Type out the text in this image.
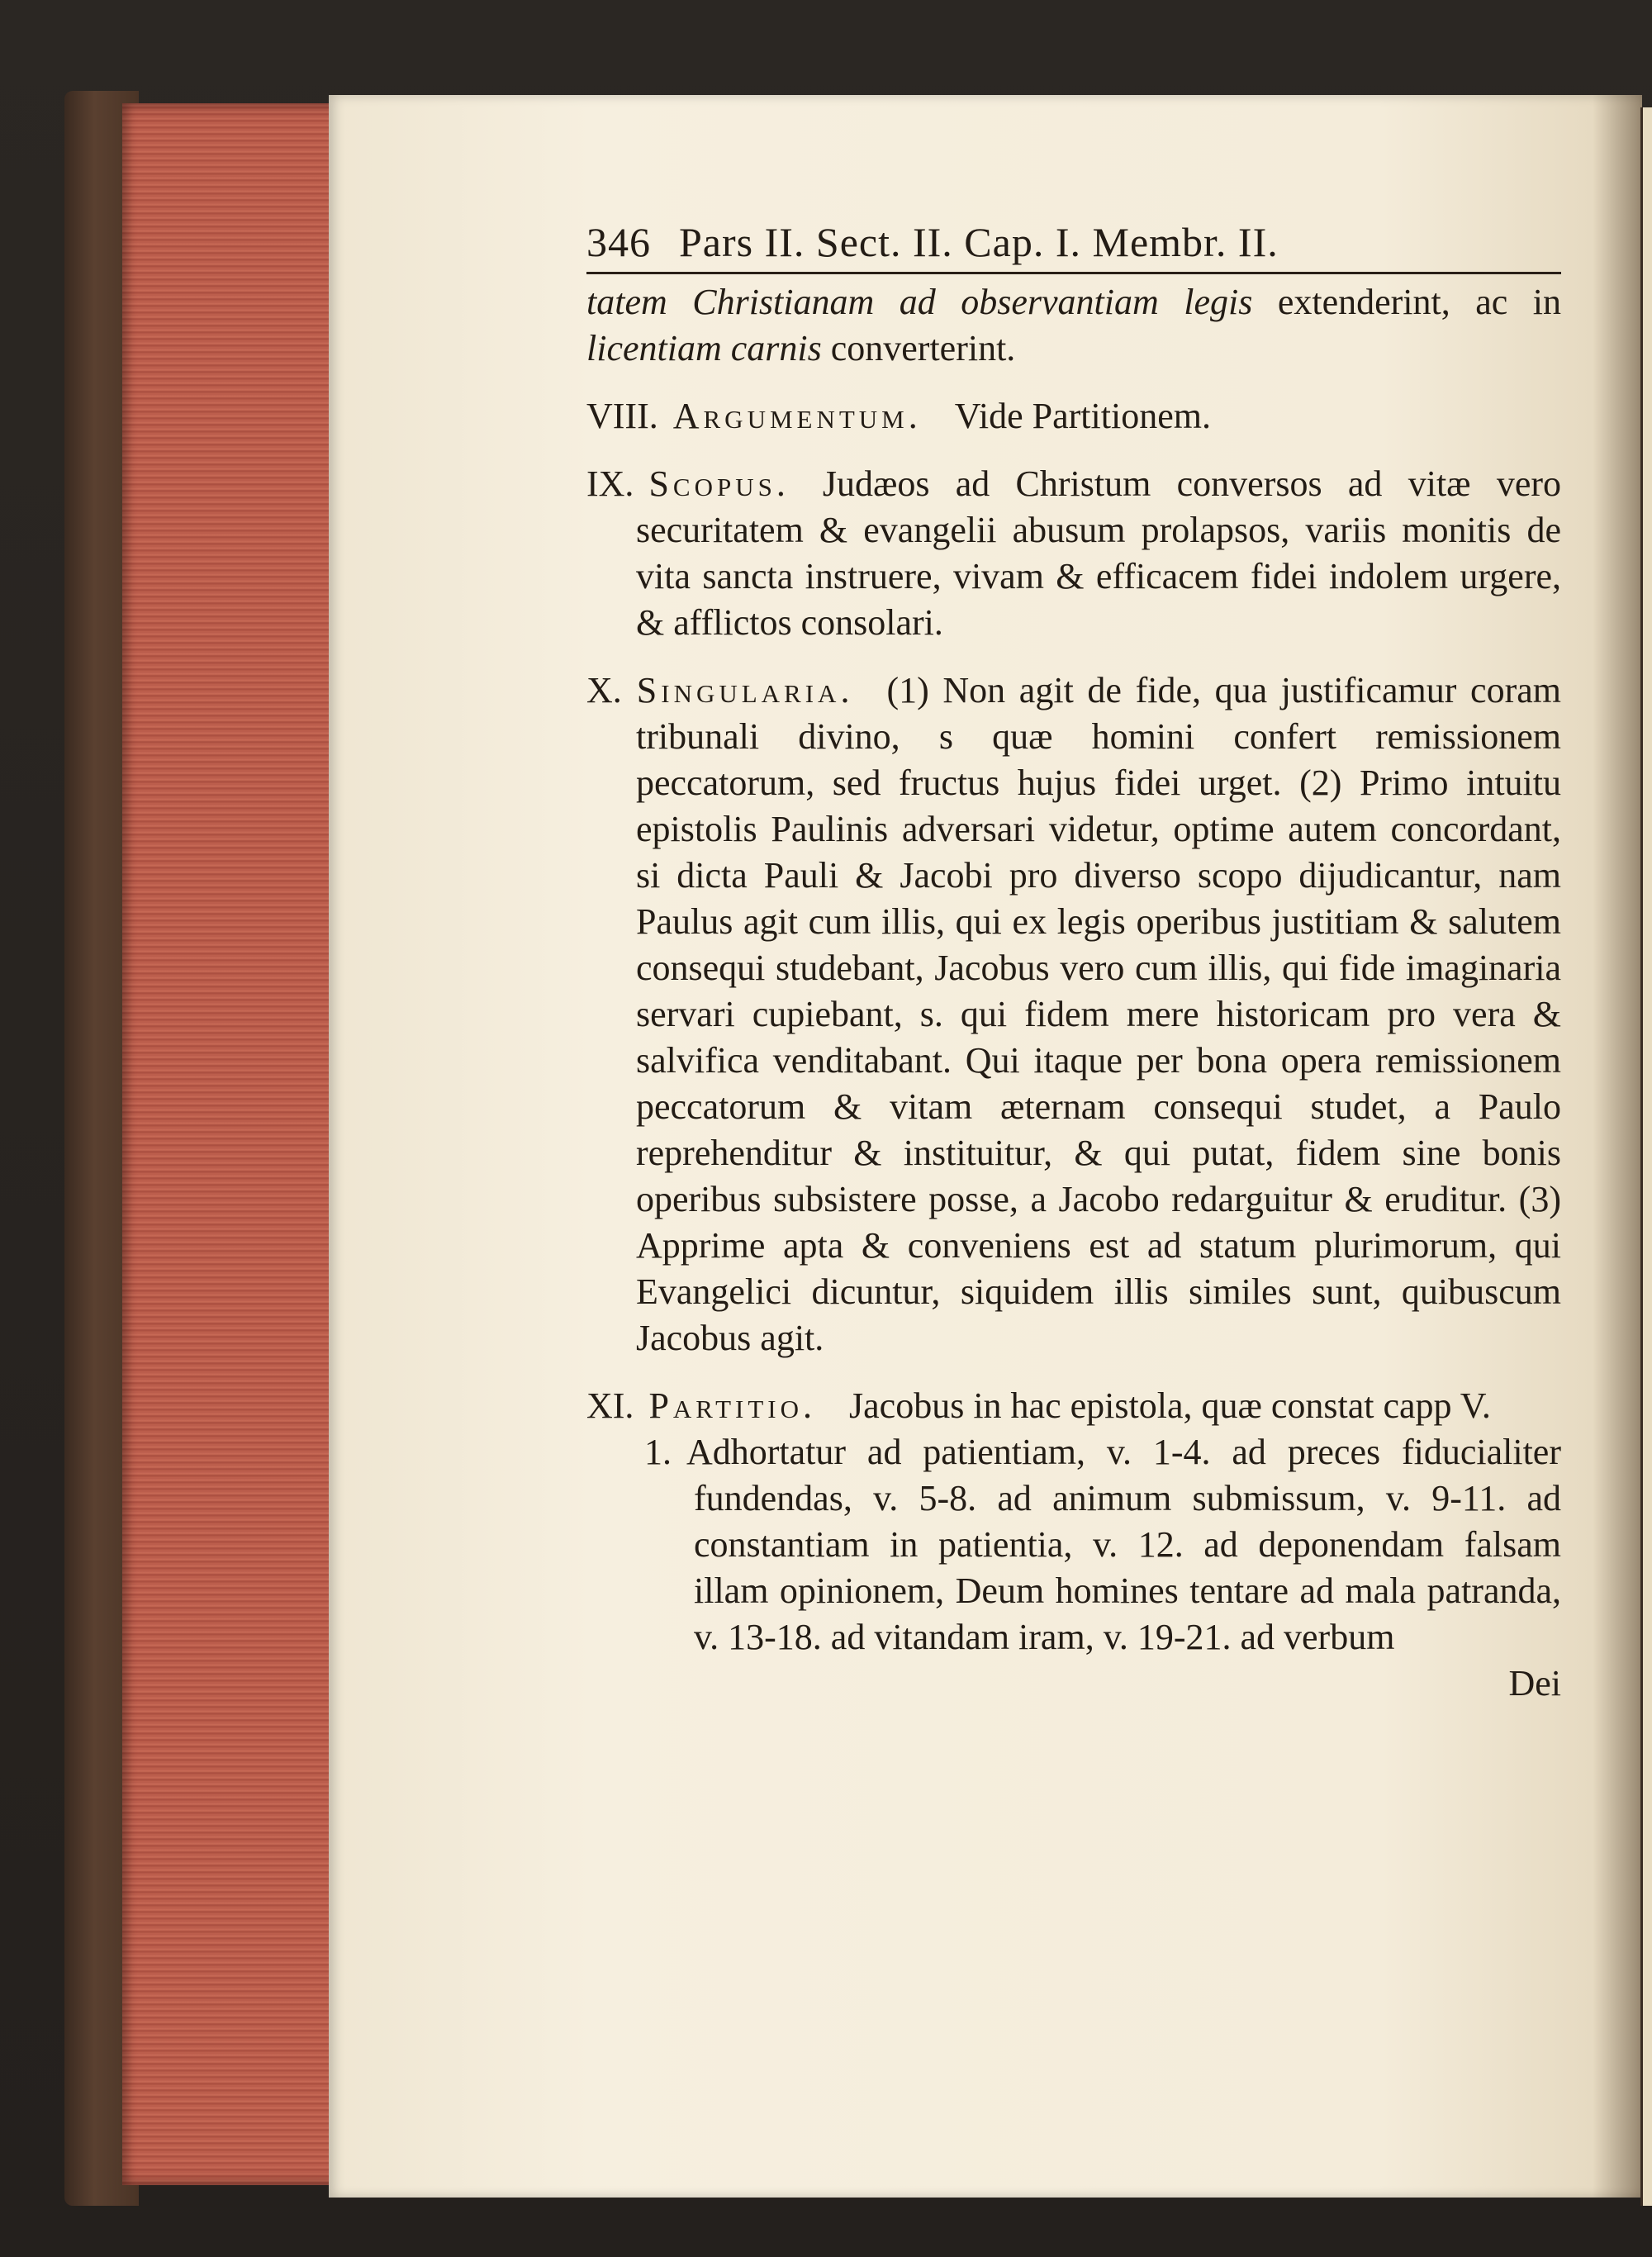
346 Pars II. Sect. II. Cap. I. Membr. II.

tatem Christianam ad observantiam legis extenderint, ac in licentiam carnis converterint.

VIII. Argumentum. Vide Partitionem.

IX. Scopus. Judæos ad Christum conversos ad vitæ vero securitatem & evangelii abusum prolapsos, variis monitis de vita sancta instruere, vivam & efficacem fidei indolem urgere, & afflictos consolari.

X. Singularia. (1) Non agit de fide, qua justificamur coram tribunali divino, s quæ homini confert remissionem peccatorum, sed fructus hujus fidei urget. (2) Primo intuitu epistolis Paulinis adversari videtur, optime autem concordant, si dicta Pauli & Jacobi pro diverso scopo dijudicantur, nam Paulus agit cum illis, qui ex legis operibus justitiam & salutem consequi studebant, Jacobus vero cum illis, qui fide imaginaria servari cupiebant, s. qui fidem mere historicam pro vera & salvifica venditabant. Qui itaque per bona opera remissionem peccatorum & vitam æternam consequi studet, a Paulo reprehenditur & instituitur, & qui putat, fidem sine bonis operibus subsistere posse, a Jacobo redarguitur & eruditur. (3) Apprime apta & conveniens est ad statum plurimorum, qui Evangelici dicuntur, siquidem illis similes sunt, quibuscum Jacobus agit.

XI. Partitio. Jacobus in hac epistola, quæ constat capp V.

1. Adhortatur ad patientiam, v. 1-4. ad preces fiducialiter fundendas, v. 5-8. ad animum submissum, v. 9-11. ad constantiam in patientia, v. 12. ad deponendam falsam illam opinionem, Deum homines tentare ad mala patranda, v. 13-18. ad vitandam iram, v. 19-21. ad verbum

Dei
